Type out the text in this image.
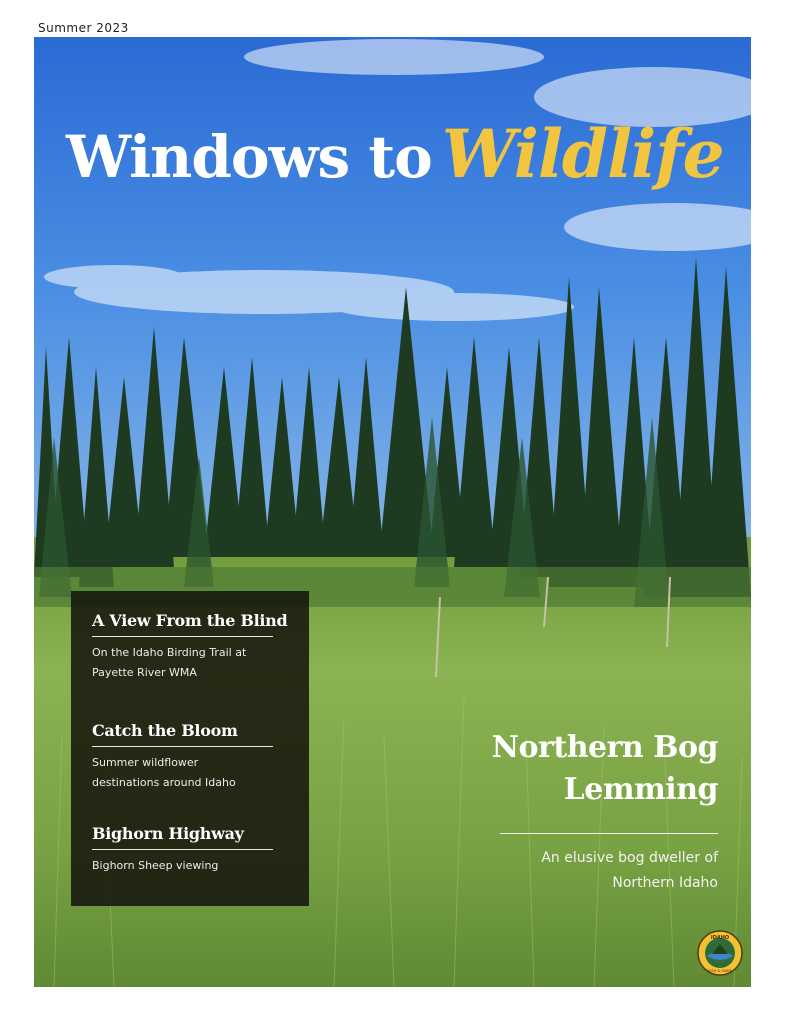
Summer 2023
Windows to Wildlife
A View From the Blind
On the Idaho Birding Trail at
Payette River WMA
Catch the Bloom
Summer wildflower
destinations around Idaho
Bighorn Highway
Bighorn Sheep viewing
Northern Bog
Lemming
An elusive bog dweller of
Northern Idaho
IDAHO
FISH & GAME
